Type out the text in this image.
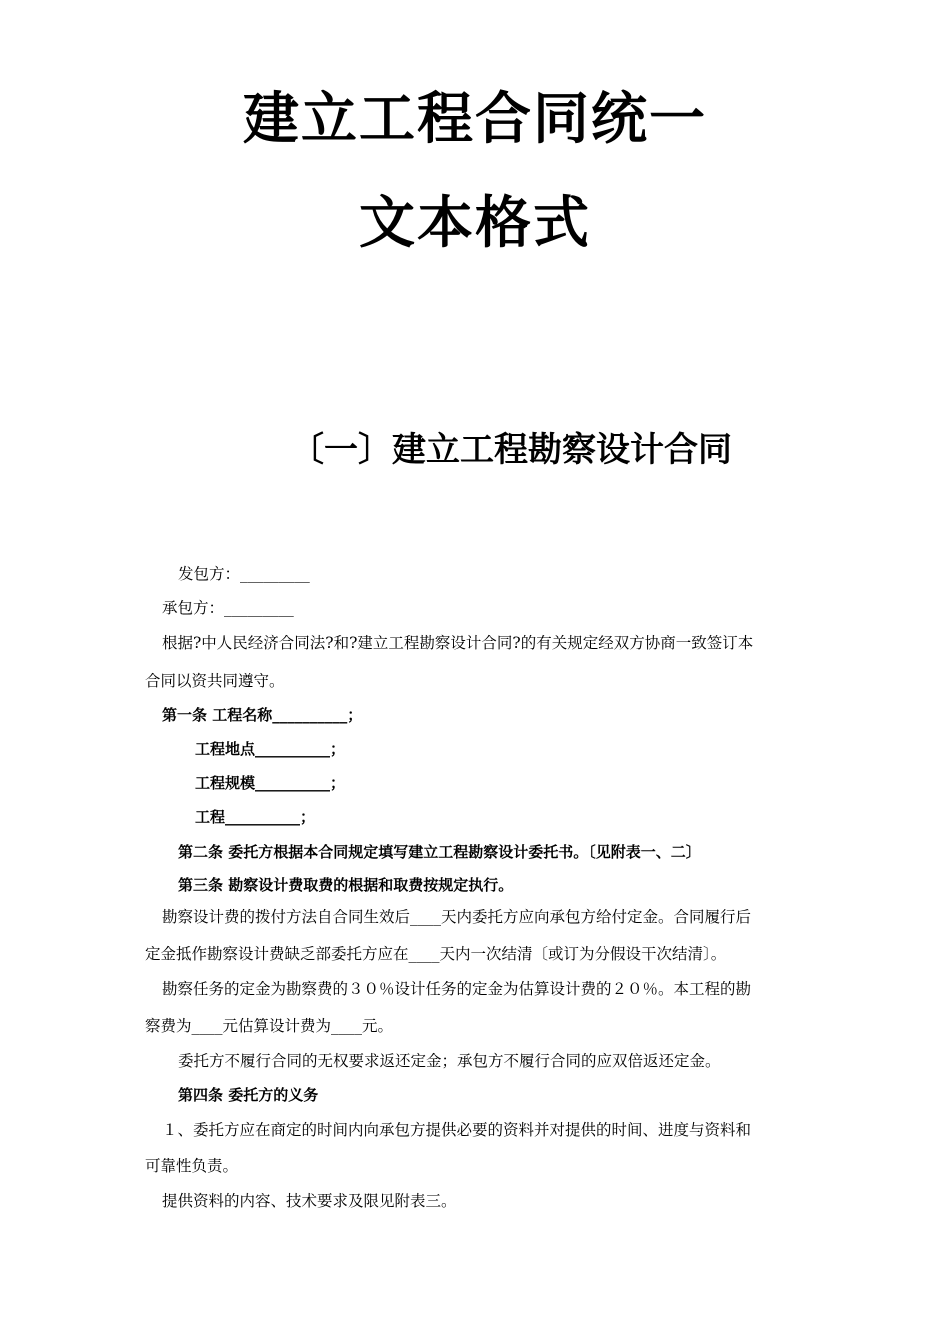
建立工程合同统一
文本格式
〔一〕建立工程勘察设计合同
发包方：_________
承包方：_________
根据?中人民经济合同法?和?建立工程勘察设计合同?的有关规定经双方协商一致签订本
合同以资共同遵守。
第一条 工程名称__________；
工程地点__________；
工程规模__________；
工程__________；
第二条 委托方根据本合同规定填写建立工程勘察设计委托书。〔见附表一、二〕
第三条 勘察设计费取费的根据和取费按规定执行。
勘察设计费的拨付方法自合同生效后____天内委托方应向承包方给付定金。合同履行后
定金抵作勘察设计费缺乏部委托方应在____天内一次结清〔或订为分假设干次结清〕。
勘察任务的定金为勘察费的３０％设计任务的定金为估算设计费的２０％。本工程的勘
察费为____元估算设计费为____元。
委托方不履行合同的无权要求返还定金；承包方不履行合同的应双倍返还定金。
第四条 委托方的义务
１、委托方应在商定的时间内向承包方提供必要的资料并对提供的时间、进度与资料和
可靠性负责。
提供资料的内容、技术要求及限见附表三。
